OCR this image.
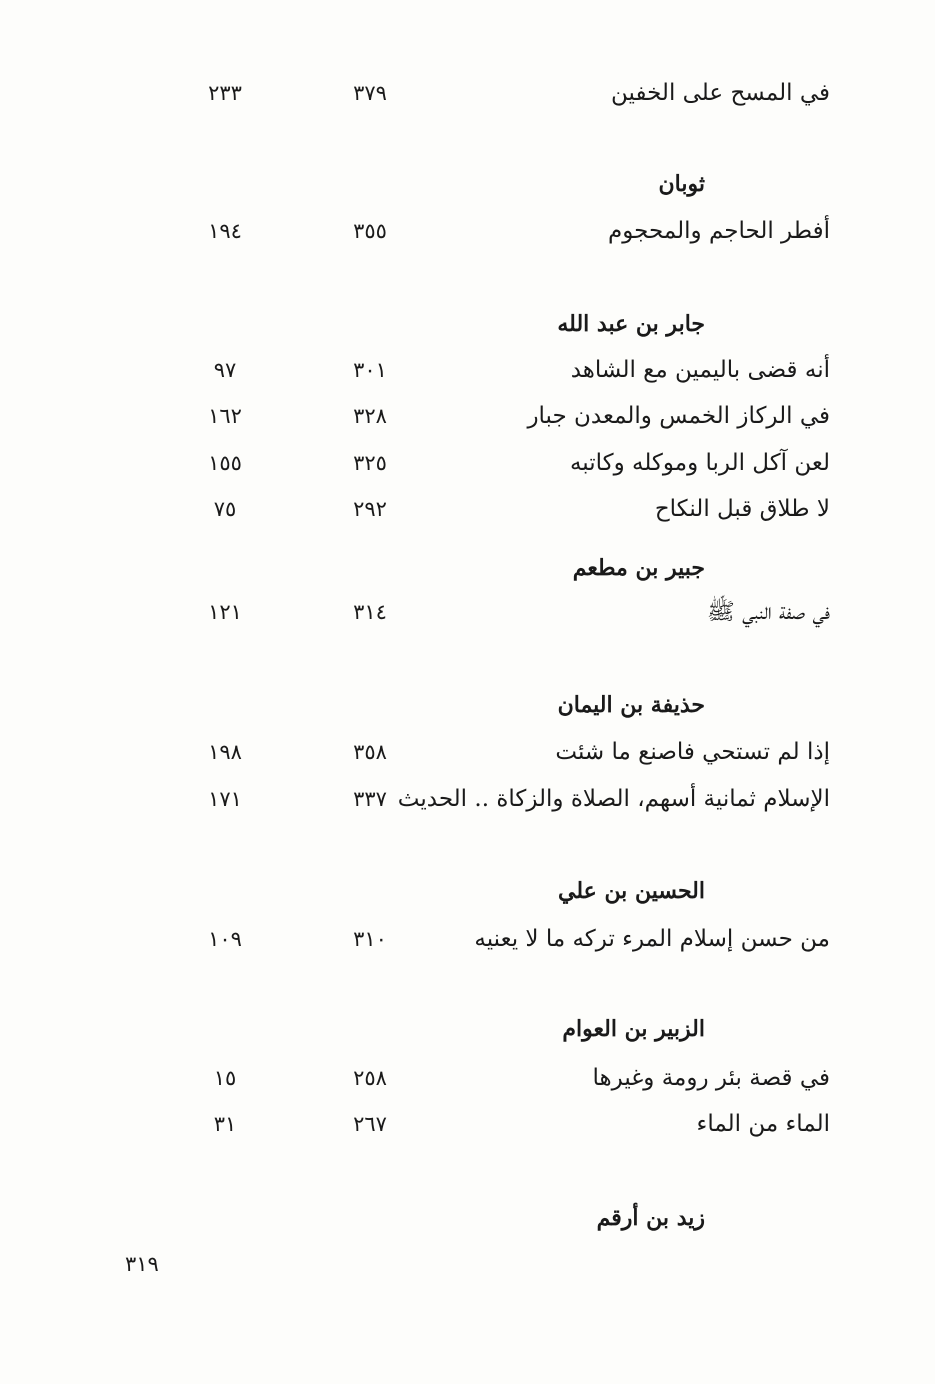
في المسح على الخفين
٣٧٩
٢٣٣
ثوبان
أفطر الحاجم والمحجوم
٣٥٥
١٩٤
جابر بن عبد الله
أنه قضى باليمين مع الشاهد
٣٠١
٩٧
في الركاز الخمس والمعدن جبار
٣٢٨
١٦٢
لعن آكل الربا وموكله وكاتبه
٣٢٥
١٥٥
لا طلاق قبل النكاح
٢٩٢
٧٥
جبير بن مطعم
في صفة النبي ﷺ
٣١٤
١٢١
حذيفة بن اليمان
إذا لم تستحي فاصنع ما شئت
٣٥٨
١٩٨
الإسلام ثمانية أسهم، الصلاة والزكاة .. الحديث
٣٣٧
١٧١
الحسين بن علي
من حسن إسلام المرء تركه ما لا يعنيه
٣١٠
١٠٩
الزبير بن العوام
في قصة بئر رومة وغيرها
٢٥٨
١٥
الماء من الماء
٢٦٧
٣١
زيد بن أرقم
٣١٩
